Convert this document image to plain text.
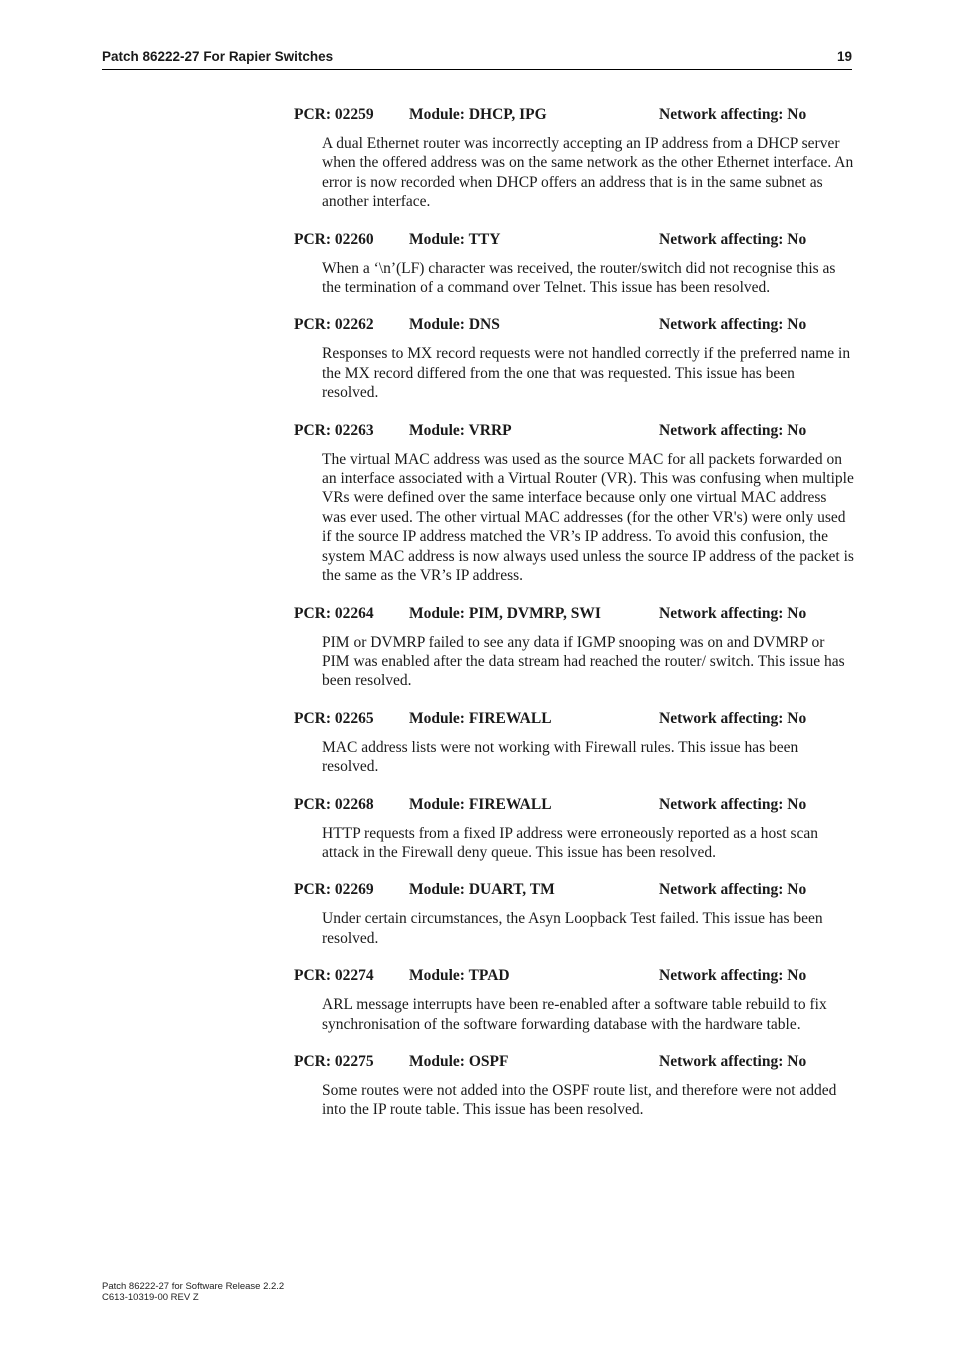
Patch 86222-27 For Rapier Switches	19
PCR: 02259 Module: DHCP, IPG	Network affecting: No
A dual Ethernet router was incorrectly accepting an IP address from a DHCP server when the offered address was on the same network as the other Ethernet interface. An error is now recorded when DHCP offers an address that is in the same subnet as another interface.
PCR: 02260 Module: TTY	Network affecting: No
When a ‘\n’(LF) character was received, the router/switch did not recognise this as the termination of a command over Telnet. This issue has been resolved.
PCR: 02262 Module: DNS	Network affecting: No
Responses to MX record requests were not handled correctly if the preferred name in the MX record differed from the one that was requested. This issue has been resolved.
PCR: 02263 Module: VRRP	Network affecting: No
The virtual MAC address was used as the source MAC for all packets forwarded on an interface associated with a Virtual Router (VR). This was confusing when multiple VRs were defined over the same interface because only one virtual MAC address was ever used. The other virtual MAC addresses (for the other VR's) were only used if the source IP address matched the VR’s IP address. To avoid this confusion, the system MAC address is now always used unless the source IP address of the packet is the same as the VR’s IP address.
PCR: 02264 Module: PIM, DVMRP, SWI	Network affecting: No
PIM or DVMRP failed to see any data if IGMP snooping was on and DVMRP or PIM was enabled after the data stream had reached the router/ switch. This issue has been resolved.
PCR: 02265 Module: FIREWALL	Network affecting: No
MAC address lists were not working with Firewall rules. This issue has been resolved.
PCR: 02268 Module: FIREWALL	Network affecting: No
HTTP requests from a fixed IP address were erroneously reported as a host scan attack in the Firewall deny queue. This issue has been resolved.
PCR: 02269 Module: DUART, TM	Network affecting: No
Under certain circumstances, the Asyn Loopback Test failed. This issue has been resolved.
PCR: 02274 Module: TPAD	Network affecting: No
ARL message interrupts have been re-enabled after a software table rebuild to fix synchronisation of the software forwarding database with the hardware table.
PCR: 02275 Module: OSPF	Network affecting: No
Some routes were not added into the OSPF route list, and therefore were not added into the IP route table. This issue has been resolved.
Patch 86222-27 for Software Release 2.2.2
C613-10319-00 REV Z
